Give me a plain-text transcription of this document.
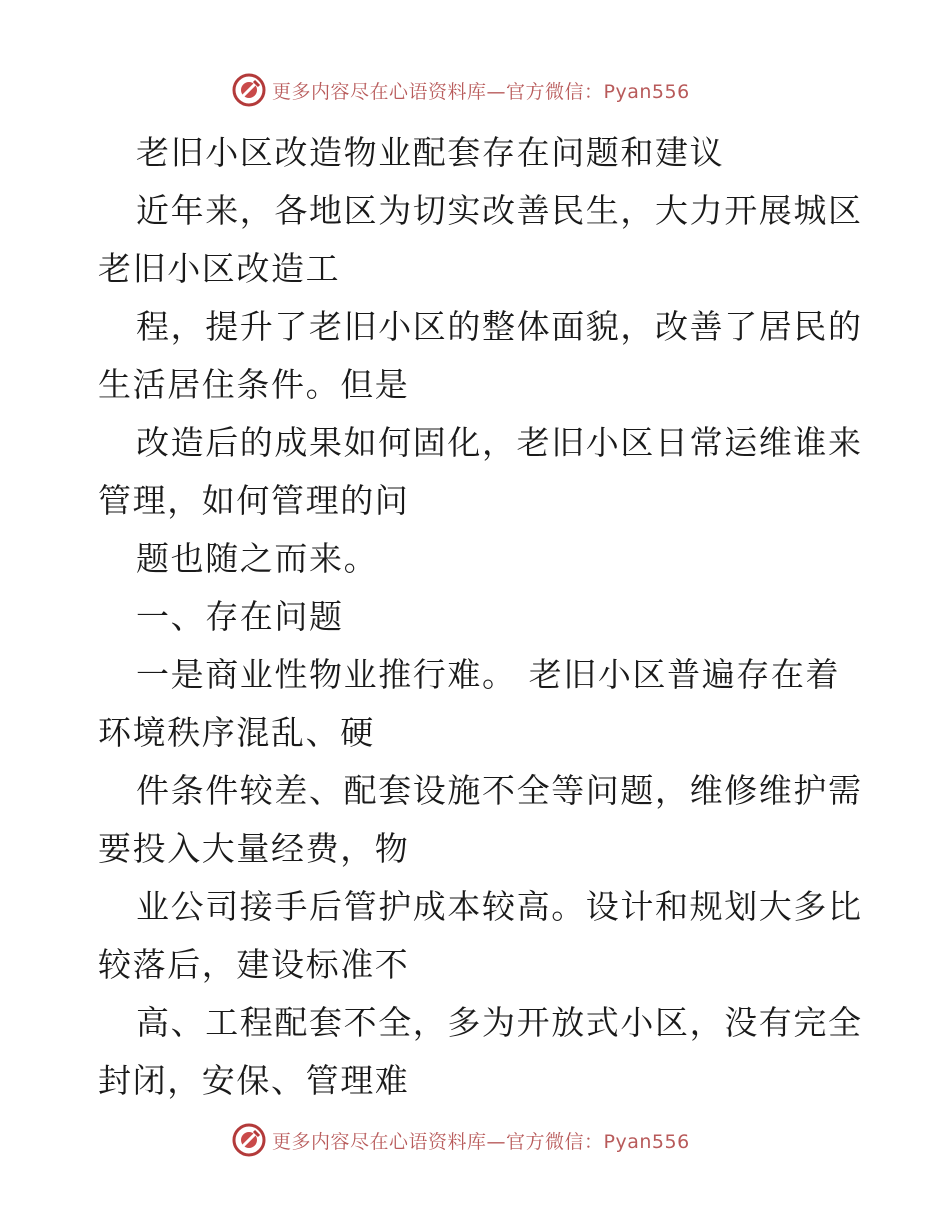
更多内容尽在心语资料库—官方微信：Pyan556

老旧小区改造物业配套存在问题和建议

近年来，各地区为切实改善民生，大力开展城区

老旧小区改造工

程，提升了老旧小区的整体面貌，改善了居民的

生活居住条件。但是

改造后的成果如何固化，老旧小区日常运维谁来

管理，如何管理的问

题也随之而来。

一、存在问题

一是商业性物业推行难。 老旧小区普遍存在着

环境秩序混乱、硬

件条件较差、配套设施不全等问题，维修维护需

要投入大量经费，物

业公司接手后管护成本较高。设计和规划大多比

较落后，建设标准不

高、工程配套不全，多为开放式小区，没有完全

封闭，安保、管理难

更多内容尽在心语资料库—官方微信：Pyan556
